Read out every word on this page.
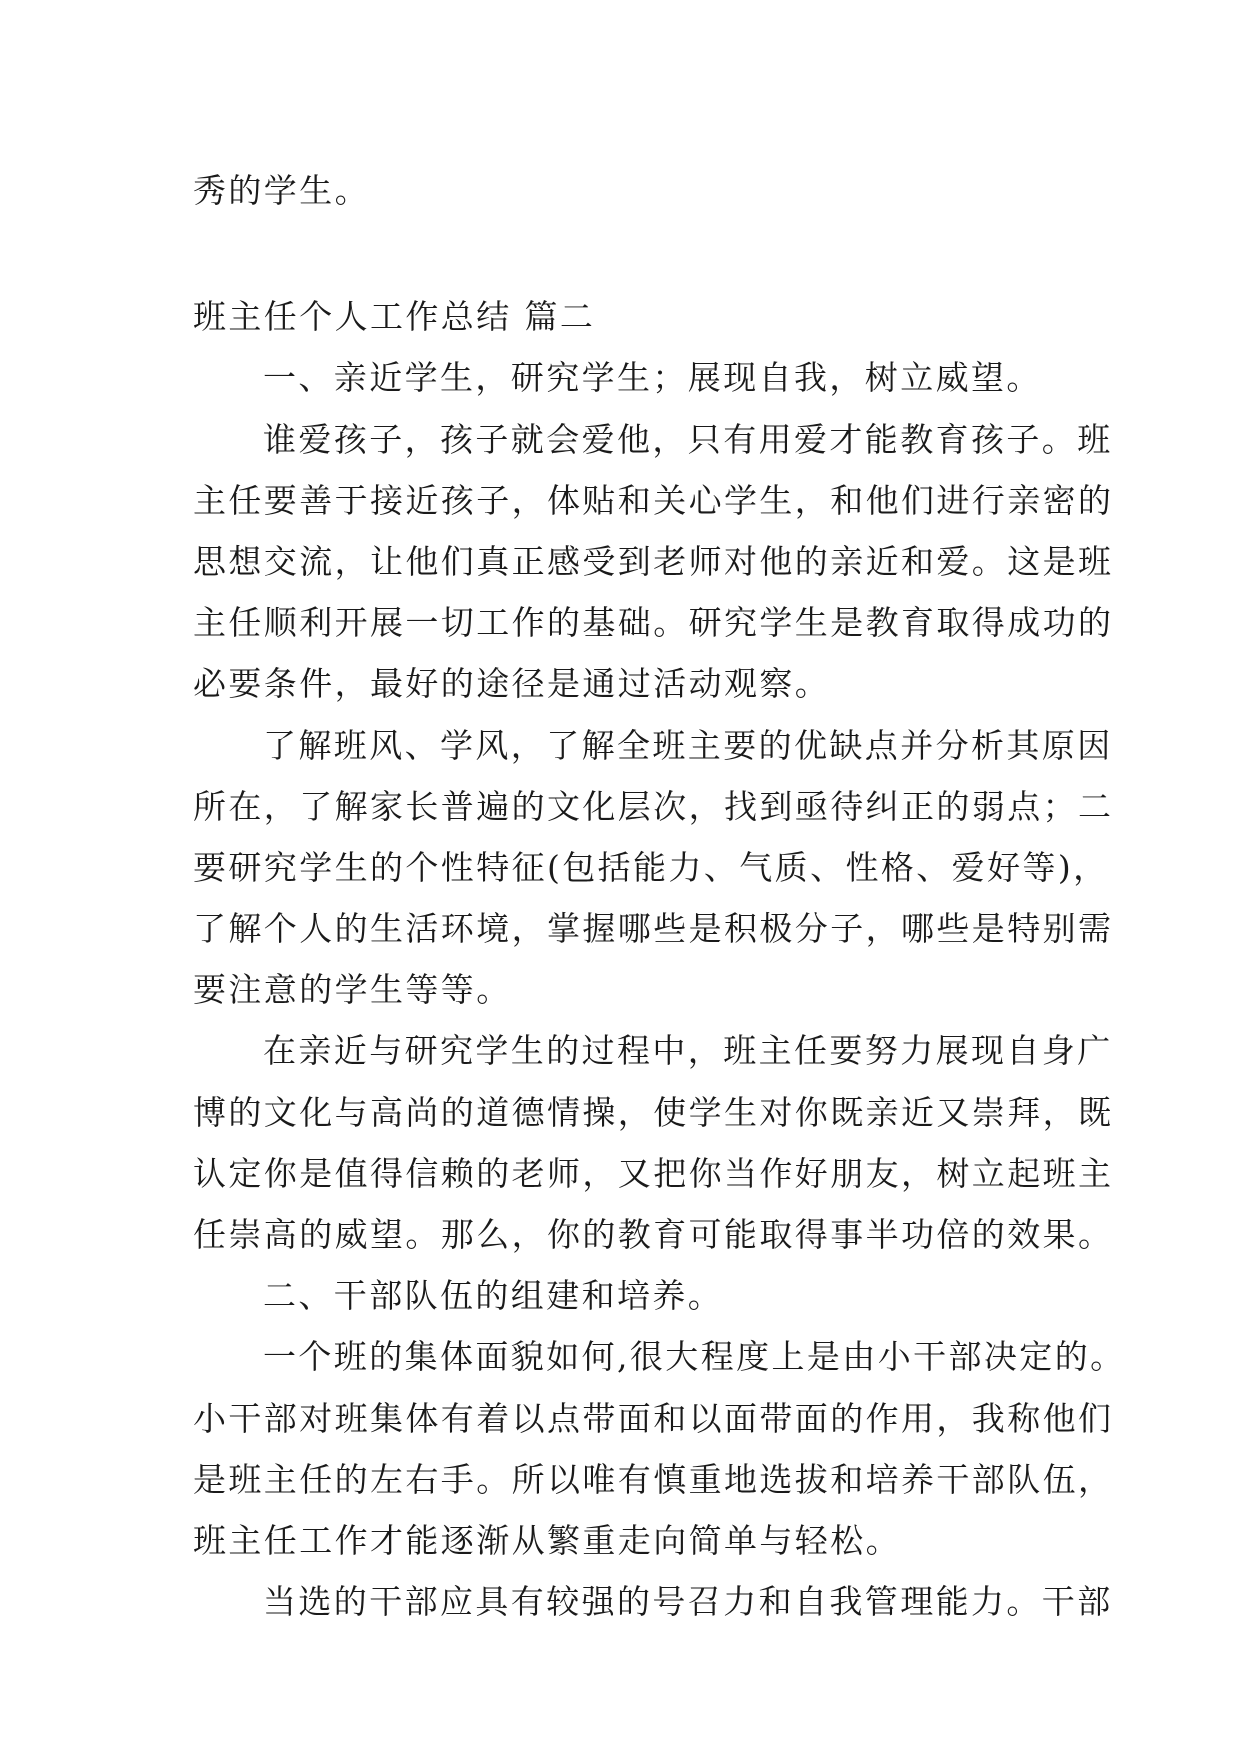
秀的学生。
班主任个人工作总结 篇二
一、亲近学生，研究学生；展现自我，树立威望。
谁爱孩子，孩子就会爱他，只有用爱才能教育孩子。班
主任要善于接近孩子，体贴和关心学生，和他们进行亲密的
思想交流，让他们真正感受到老师对他的亲近和爱。这是班
主任顺利开展一切工作的基础。研究学生是教育取得成功的
必要条件，最好的途径是通过活动观察。
了解班风、学风，了解全班主要的优缺点并分析其原因
所在，了解家长普遍的文化层次，找到亟待纠正的弱点；二
要研究学生的个性特征(包括能力、气质、性格、爱好等)，
了解个人的生活环境，掌握哪些是积极分子，哪些是特别需
要注意的学生等等。
在亲近与研究学生的过程中，班主任要努力展现自身广
博的文化与高尚的道德情操，使学生对你既亲近又崇拜，既
认定你是值得信赖的老师，又把你当作好朋友，树立起班主
任崇高的威望。那么，你的教育可能取得事半功倍的效果。
二、干部队伍的组建和培养。
一个班的集体面貌如何,很大程度上是由小干部决定的。
小干部对班集体有着以点带面和以面带面的作用，我称他们
是班主任的左右手。所以唯有慎重地选拔和培养干部队伍，
班主任工作才能逐渐从繁重走向简单与轻松。
当选的干部应具有较强的号召力和自我管理能力。干部
